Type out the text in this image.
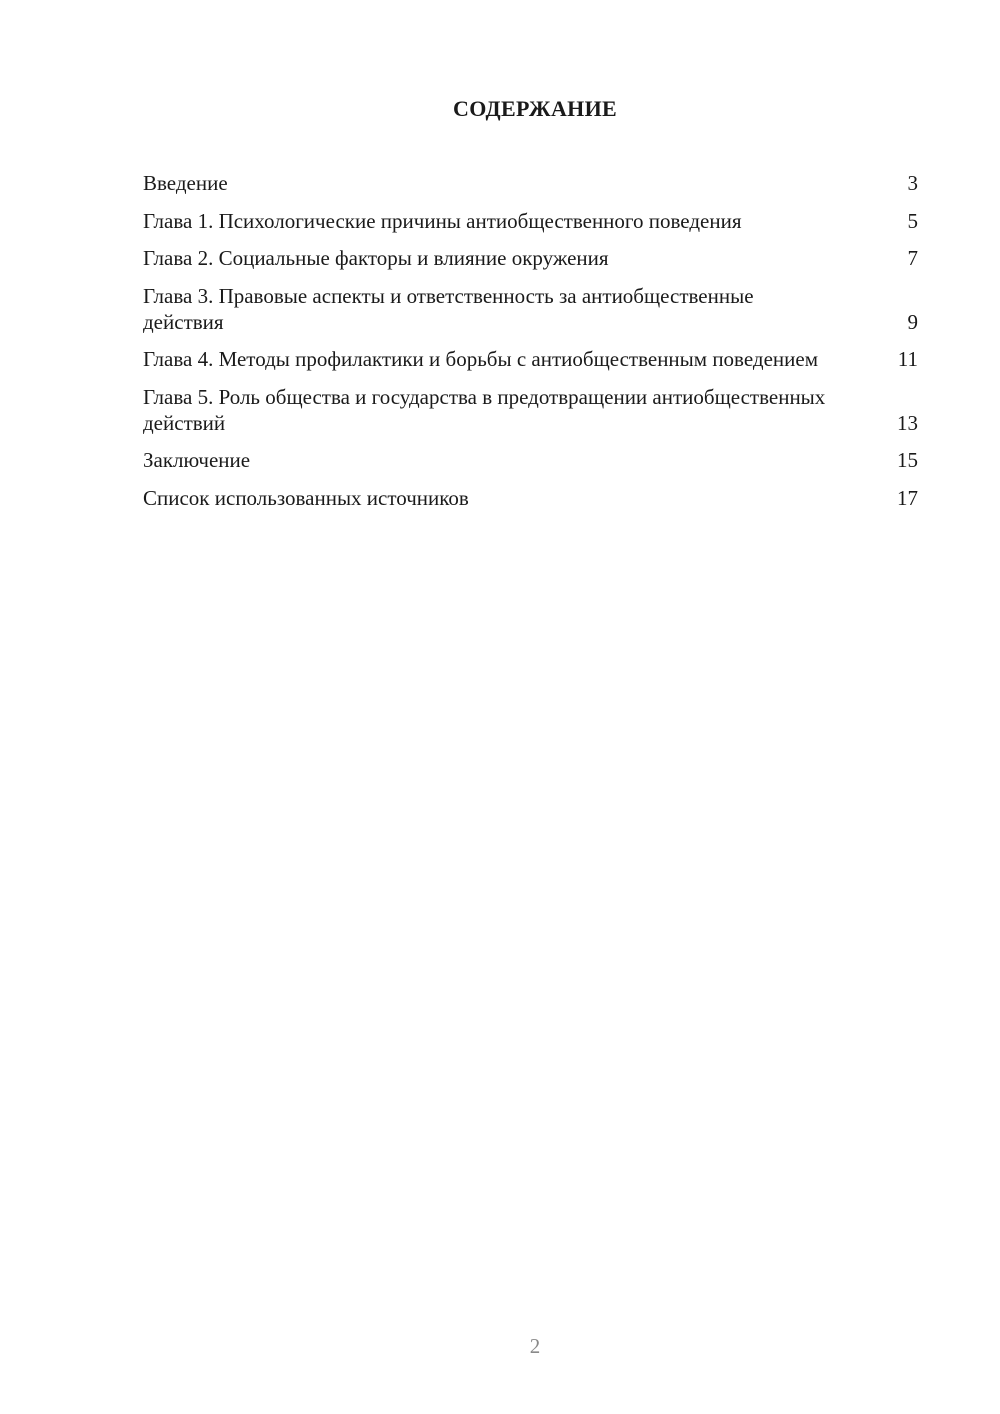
СОДЕРЖАНИЕ
Введение	3
Глава 1. Психологические причины антиобщественного поведения	5
Глава 2. Социальные факторы и влияние окружения	7
Глава 3. Правовые аспекты и ответственность за антиобщественные действия	9
Глава 4. Методы профилактики и борьбы с антиобщественным поведением	11
Глава 5. Роль общества и государства в предотвращении антиобщественных действий	13
Заключение	15
Список использованных источников	17
2
